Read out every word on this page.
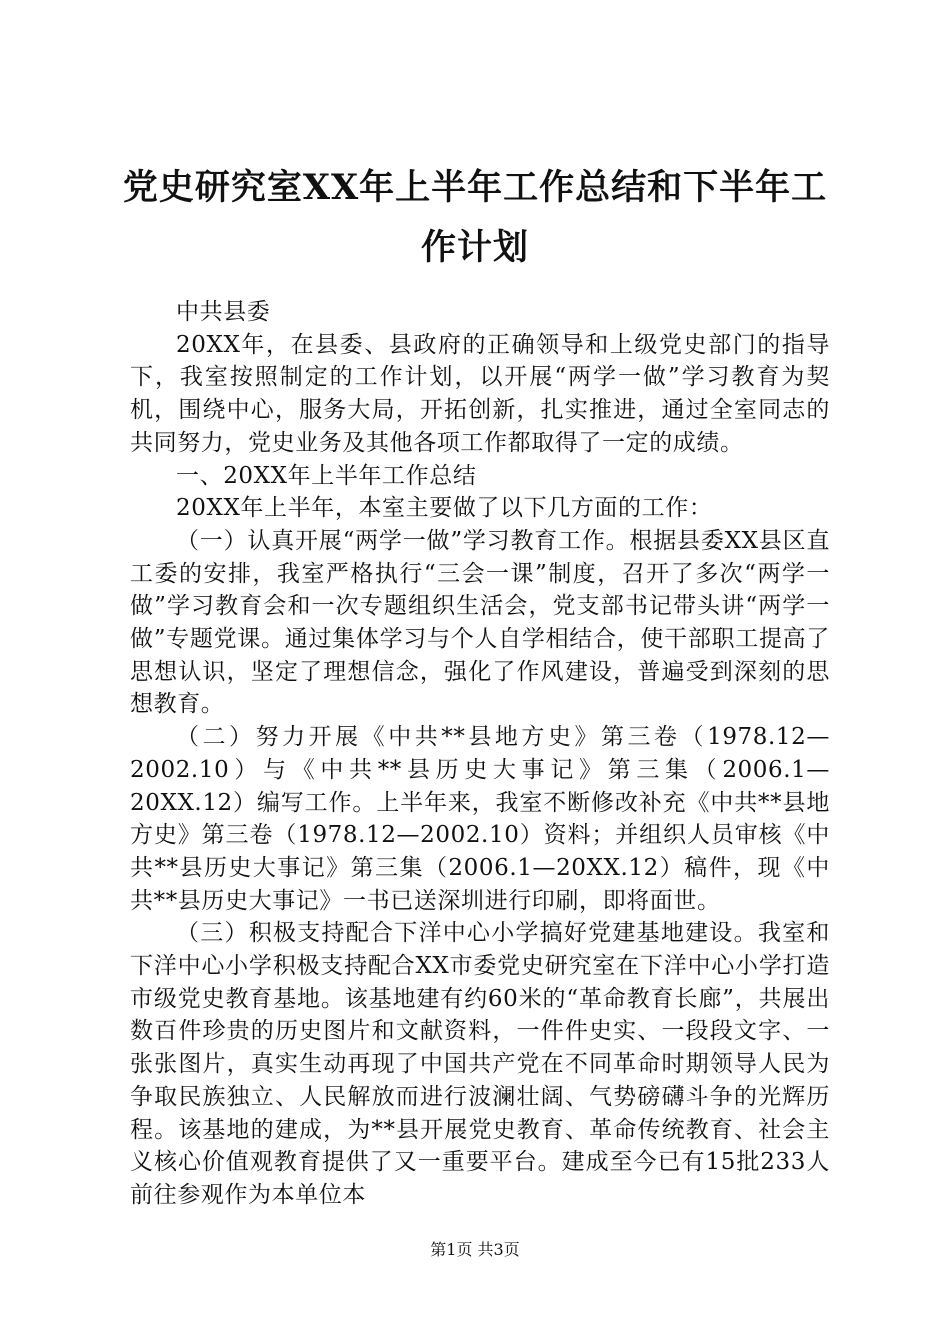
党史研究室XX年上半年工作总结和下半年工作计划

中共县委

20XX年，在县委、县政府的正确领导和上级党史部门的指导下，我室按照制定的工作计划，以开展“两学一做”学习教育为契机，围绕中心，服务大局，开拓创新，扎实推进，通过全室同志的共同努力，党史业务及其他各项工作都取得了一定的成绩。

一、20XX年上半年工作总结

20XX年上半年，本室主要做了以下几方面的工作：

（一）认真开展“两学一做”学习教育工作。根据县委XX县区直工委的安排，我室严格执行“三会一课”制度，召开了多次“两学一做”学习教育会和一次专题组织生活会，党支部书记带头讲“两学一做”专题党课。通过集体学习与个人自学相结合，使干部职工提高了思想认识，坚定了理想信念，强化了作风建设，普遍受到深刻的思想教育。

（二）努力开展《中共**县地方史》第三卷（1978.12—2002.10）与《中共**县历史大事记》第三集（2006.1—20XX.12）编写工作。上半年来，我室不断修改补充《中共**县地方史》第三卷（1978.12—2002.10）资料；并组织人员审核《中共**县历史大事记》第三集（2006.1—20XX.12）稿件，现《中共**县历史大事记》一书已送深圳进行印刷，即将面世。

（三）积极支持配合下洋中心小学搞好党建基地建设。我室和下洋中心小学积极支持配合XX市委党史研究室在下洋中心小学打造市级党史教育基地。该基地建有约60米的“革命教育长廊”，共展出数百件珍贵的历史图片和文献资料，一件件史实、一段段文字、一张张图片，真实生动再现了中国共产党在不同革命时期领导人民为争取民族独立、人民解放而进行波澜壮阔、气势磅礴斗争的光辉历程。该基地的建成，为**县开展党史教育、革命传统教育、社会主义核心价值观教育提供了又一重要平台。建成至今已有15批233人前往参观作为本单位本

第1页 共3页
